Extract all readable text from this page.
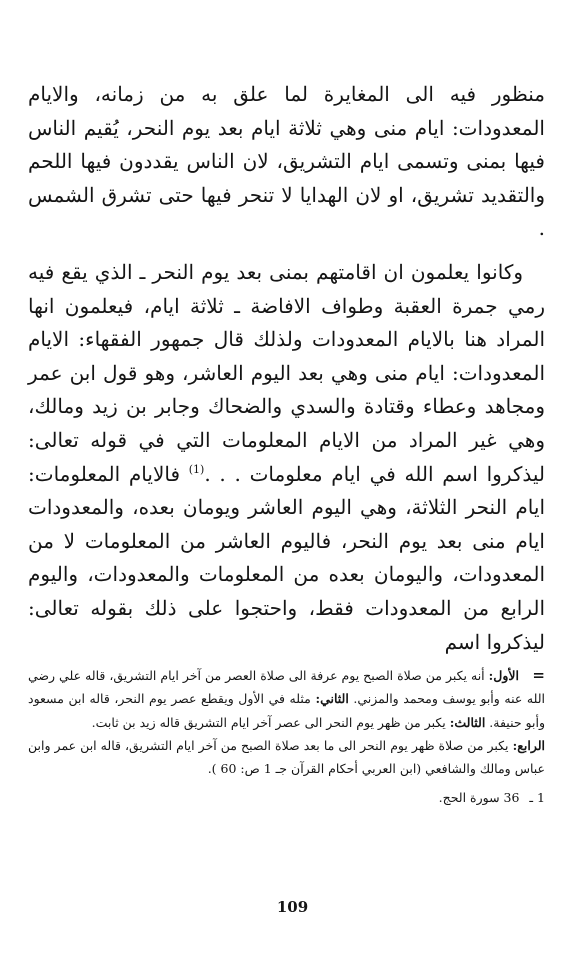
منظور فيه الى المغايرة لما علق به من زمانه، والايام المعدودات: ايام منى وهي ثلاثة ايام بعد يوم النحر، يُقيم الناس فيها بمنى وتسمى ايام التشريق، لان الناس يقددون فيها اللحم والتقديد تشريق، او لان الهدايا لا تنحر فيها حتى تشرق الشمس .

وكانوا يعلمون ان اقامتهم بمنى بعد يوم النحر ـ الذي يقع فيه رمي جمرة العقبة وطواف الافاضة ـ ثلاثة ايام، فيعلمون انها المراد هنا بالايام المعدودات ولذلك قال جمهور الفقهاء: الايام المعدودات: ايام منى وهي بعد اليوم العاشر، وهو قول ابن عمر ومجاهد وعطاء وقتادة والسدي والضحاك وجابر بن زيد ومالك، وهي غير المراد من الايام المعلومات التي في قوله تعالى: ليذكروا اسم الله في ايام معلومات . . .$^{(1)}$ فالايام المعلومات: ايام النحر الثلاثة، وهي اليوم العاشر ويومان بعده، والمعدودات ايام منى بعد يوم النحر، فاليوم العاشر من المعلومات لا من المعدودات، واليومان بعده من المعلومات والمعدودات، واليوم الرابع من المعدودات فقط، واحتجوا على ذلك بقوله تعالى: ليذكروا اسم

=
الأول: أنه يكبر من صلاة الصبح يوم عرفة الى صلاة العصر من آخر ايام التشريق، قاله علي رضي الله عنه وأبو يوسف ومحمد والمزني. الثاني: مثله في الأول ويقطع عصر يوم النحر، قاله ابن مسعود وأبو حنيفة. الثالث: يكبر من ظهر يوم النحر الى عصر آخر ايام التشريق قاله زيد بن ثابت.
الرابع: يكبر من صلاة ظهر يوم النحر الى ما بعد صلاة الصبح من آخر ايام التشريق، قاله ابن عمر وابن عباس ومالك والشافعي (ابن العربي أحكام القرآن جـ 1 ص: 60 ).

1 ـ 36 سورة الحج.

109
